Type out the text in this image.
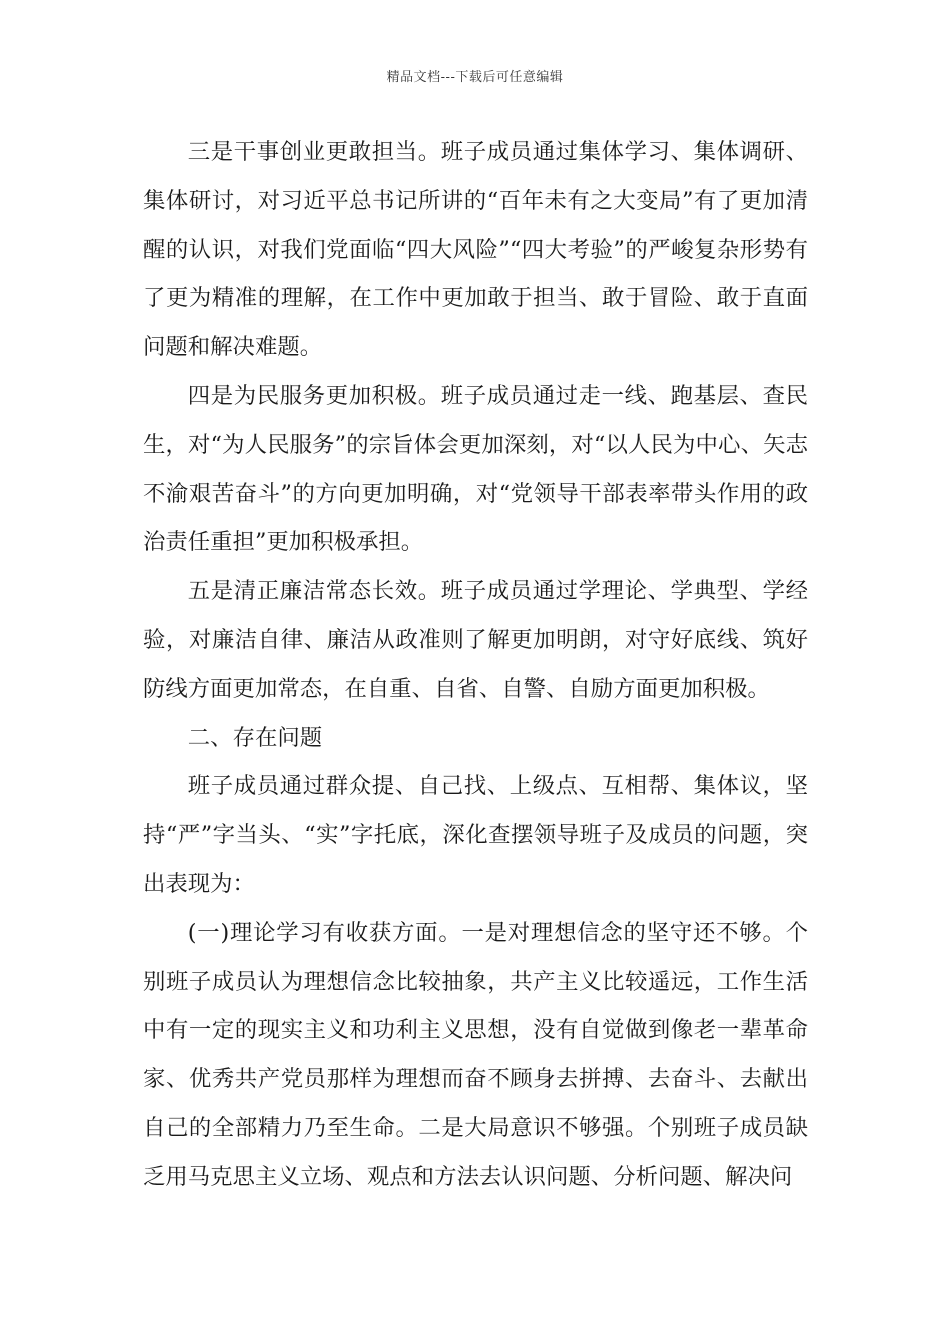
精品文档---下载后可任意编辑

三是干事创业更敢担当。班子成员通过集体学习、集体调研、集体研讨，对习近平总书记所讲的“百年未有之大变局”有了更加清醒的认识，对我们党面临“四大风险”“四大考验”的严峻复杂形势有了更为精准的理解，在工作中更加敢于担当、敢于冒险、敢于直面问题和解决难题。

四是为民服务更加积极。班子成员通过走一线、跑基层、查民生，对“为人民服务”的宗旨体会更加深刻，对“以人民为中心、矢志不渝艰苦奋斗”的方向更加明确，对“党领导干部表率带头作用的政治责任重担”更加积极承担。

五是清正廉洁常态长效。班子成员通过学理论、学典型、学经验，对廉洁自律、廉洁从政准则了解更加明朗，对守好底线、筑好防线方面更加常态，在自重、自省、自警、自励方面更加积极。

二、存在问题

班子成员通过群众提、自己找、上级点、互相帮、集体议，坚持“严”字当头、“实”字托底，深化查摆领导班子及成员的问题，突出表现为：

(一)理论学习有收获方面。一是对理想信念的坚守还不够。个别班子成员认为理想信念比较抽象，共产主义比较遥远，工作生活中有一定的现实主义和功利主义思想，没有自觉做到像老一辈革命家、优秀共产党员那样为理想而奋不顾身去拼搏、去奋斗、去献出自己的全部精力乃至生命。二是大局意识不够强。个别班子成员缺乏用马克思主义立场、观点和方法去认识问题、分析问题、解决问
